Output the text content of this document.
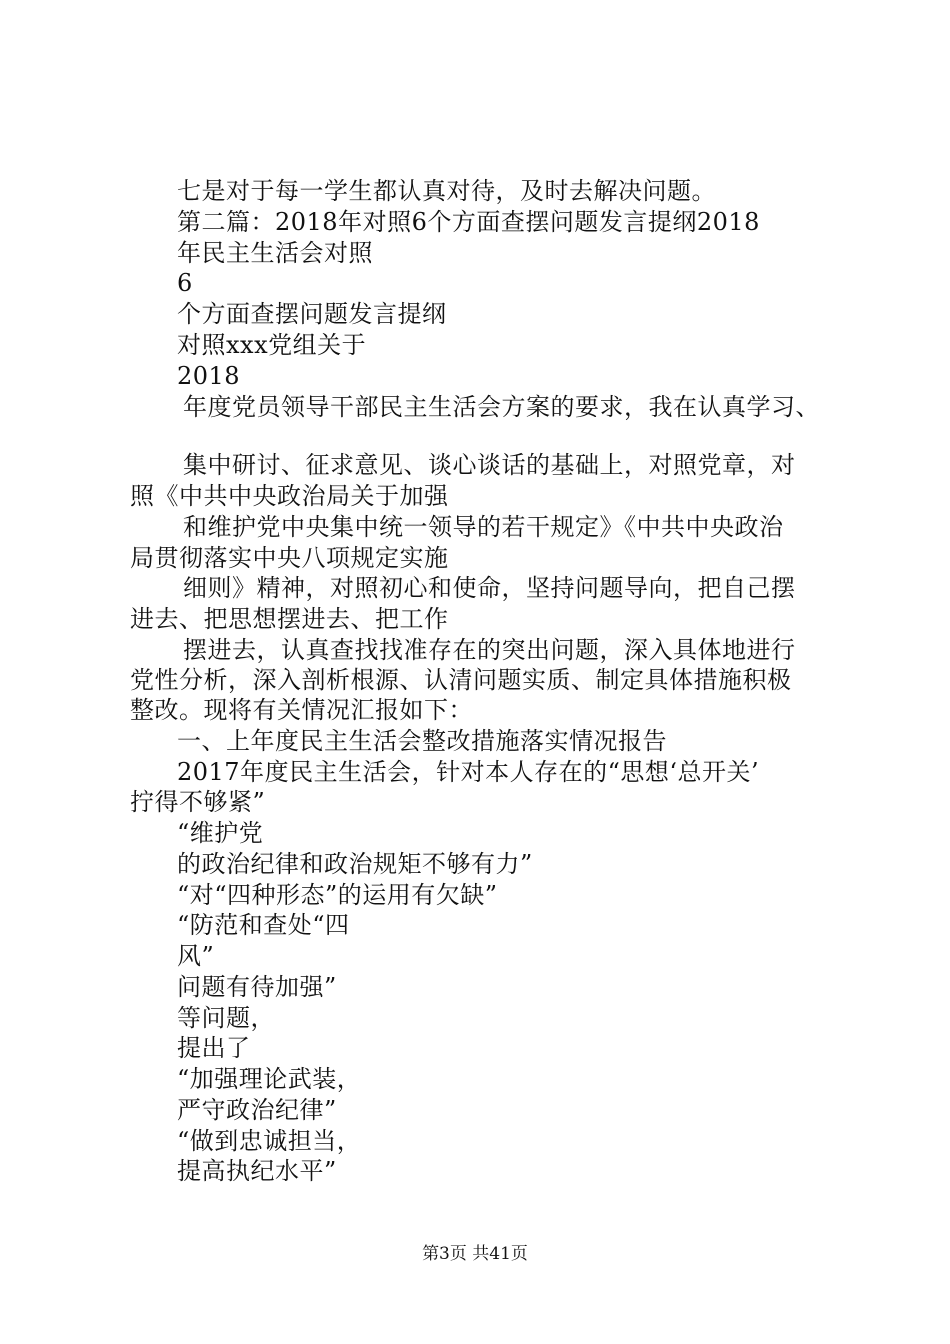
七是对于每一学生都认真对待，及时去解决问题。
第二篇：2018年对照6个方面查摆问题发言提纲2018
年民主生活会对照
6
个方面查摆问题发言提纲
对照xxx党组关于
2018
年度党员领导干部民主生活会方案的要求，我在认真学习、
集中研讨、征求意见、谈心谈话的基础上，对照党章，对
照《中共中央政治局关于加强
和维护党中央集中统一领导的若干规定》《中共中央政治
局贯彻落实中央八项规定实施
细则》精神，对照初心和使命，坚持问题导向，把自己摆
进去、把思想摆进去、把工作
摆进去，认真查找找准存在的突出问题，深入具体地进行
党性分析，深入剖析根源、认清问题实质、制定具体措施积极
整改。现将有关情况汇报如下：
一、上年度民主生活会整改措施落实情况报告
2017年度民主生活会，针对本人存在的“思想‘总开关’
拧得不够紧”
“维护党
的政治纪律和政治规矩不够有力”
“对“四种形态”的运用有欠缺”
“防范和查处“四
风”
问题有待加强”
等问题，
提出了
“加强理论武装，
严守政治纪律”
“做到忠诚担当，
提高执纪水平”
第3页 共41页
